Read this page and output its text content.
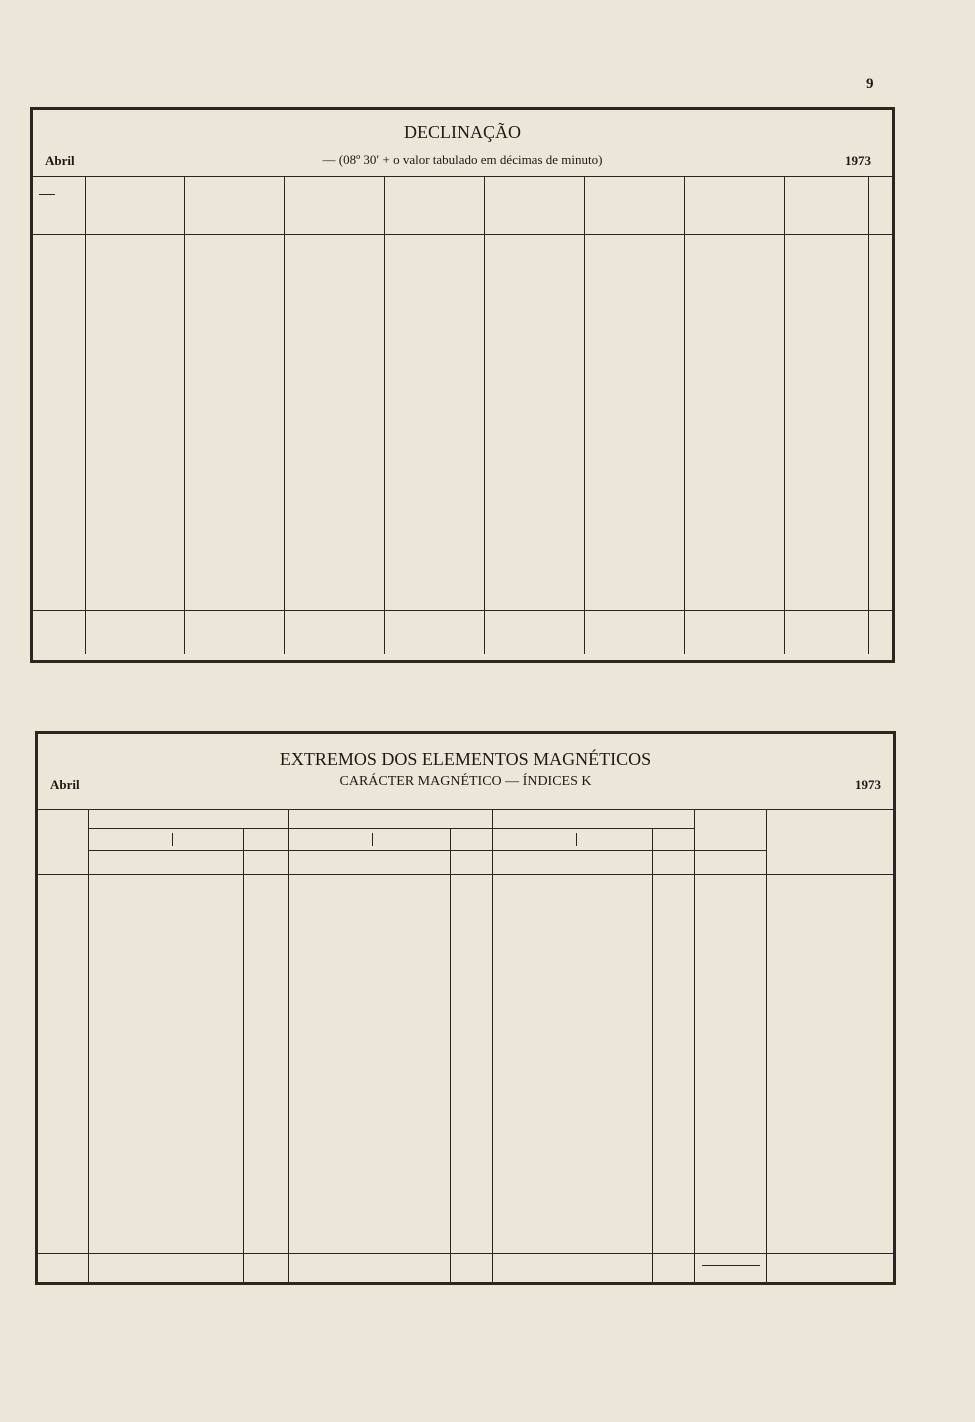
9
DECLINAÇÃO
Abril	— (08º 30′ + o valor tabulado em décimas de minuto)	1973
EXTREMOS DOS ELEMENTOS MAGNÉTICOS
CARÁCTER MAGNÉTICO — ÍNDICES K
Abril	1973
